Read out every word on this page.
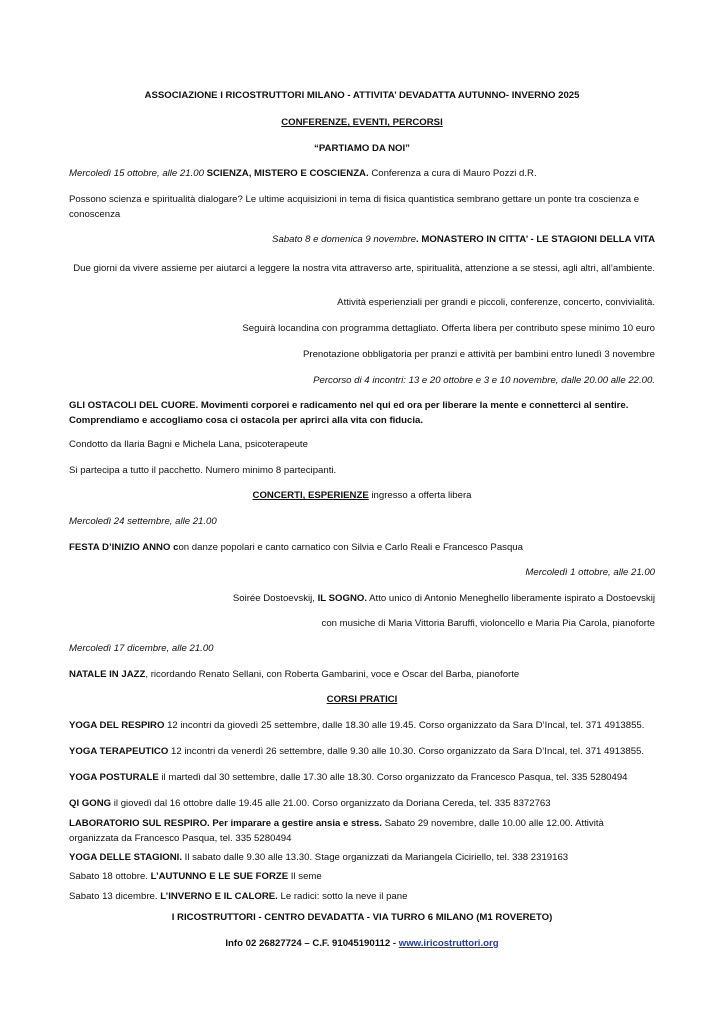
ASSOCIAZIONE I RICOSTRUTTORI MILANO - ATTIVITA’ DEVADATTA AUTUNNO- INVERNO 2025

CONFERENZE, EVENTI, PERCORSI

“PARTIAMO DA NOI”

Mercoledì 15 ottobre, alle 21.00 SCIENZA, MISTERO E COSCIENZA. Conferenza a cura di Mauro Pozzi d.R.

Possono scienza e spiritualità dialogare? Le ultime acquisizioni in tema di fisica quantistica sembrano gettare un ponte tra coscienza e conoscenza

Sabato 8 e domenica 9 novembre. MONASTERO IN CITTA’ - LE STAGIONI DELLA VITA

Due giorni da vivere assieme per aiutarci a leggere la nostra vita attraverso arte, spiritualità, attenzione a se stessi, agli altri, all’ambiente.

Attività esperienziali per grandi e piccoli, conferenze, concerto, convivialità.

Seguirà locandina con programma dettagliato. Offerta libera per contributo spese minimo 10 euro

Prenotazione obbligatoria per pranzi e attività per bambini entro lunedì 3 novembre

Percorso di 4 incontri: 13 e 20 ottobre e 3 e 10 novembre, dalle 20.00 alle 22.00.

GLI OSTACOLI DEL CUORE. Movimenti corporei e radicamento nel qui ed ora per liberare la mente e connetterci al sentire. Comprendiamo e accogliamo cosa ci ostacola per aprirci alla vita con fiducia.

Condotto da Ilaria Bagni e Michela Lana, psicoterapeute

Si partecipa a tutto il pacchetto. Numero minimo 8 partecipanti.

CONCERTI, ESPERIENZE ingresso a offerta libera

Mercoledì 24 settembre, alle 21.00

FESTA D’INIZIO ANNO con danze popolari e canto carnatico con Silvia e Carlo Reali e Francesco Pasqua

Mercoledì 1 ottobre, alle 21.00

Soirée Dostoevskij, IL SOGNO. Atto unico di Antonio Meneghello liberamente ispirato a Dostoevskij

con musiche di Maria Vittoria Baruffi, violoncello e Maria Pia Carola, pianoforte

Mercoledì 17 dicembre, alle 21.00

NATALE IN JAZZ, ricordando Renato Sellani, con Roberta Gambarini, voce e Oscar del Barba, pianoforte

CORSI PRATICI

YOGA DEL RESPIRO 12 incontri da giovedì 25 settembre, dalle 18.30 alle 19.45. Corso organizzato da Sara D’Incal, tel. 371 4913855.

YOGA TERAPEUTICO 12 incontri da venerdì 26 settembre, dalle 9.30 alle 10.30. Corso organizzato da Sara D’Incal, tel. 371 4913855.

YOGA POSTURALE il martedì dal 30 settembre, dalle 17.30 alle 18.30. Corso organizzato da Francesco Pasqua, tel. 335 5280494

QI GONG il giovedì dal 16 ottobre dalle 19.45 alle 21.00. Corso organizzato da Doriana Cereda, tel. 335 8372763

LABORATORIO SUL RESPIRO. Per imparare a gestire ansia e stress. Sabato 29 novembre, dalle 10.00 alle 12.00. Attività organizzata da Francesco Pasqua, tel. 335 5280494

YOGA DELLE STAGIONI. Il sabato dalle 9.30 alle 13.30. Stage organizzati da Mariangela Ciciriello, tel. 338 2319163

Sabato 18 ottobre. L’AUTUNNO E LE SUE FORZE Il seme

Sabato 13 dicembre. L’INVERNO E IL CALORE. Le radici: sotto la neve il pane

I RICOSTRUTTORI - CENTRO DEVADATTA - VIA TURRO 6 MILANO (M1 ROVERETO)

Info 02 26827724 – C.F. 91045190112 - www.iricostruttori.org
